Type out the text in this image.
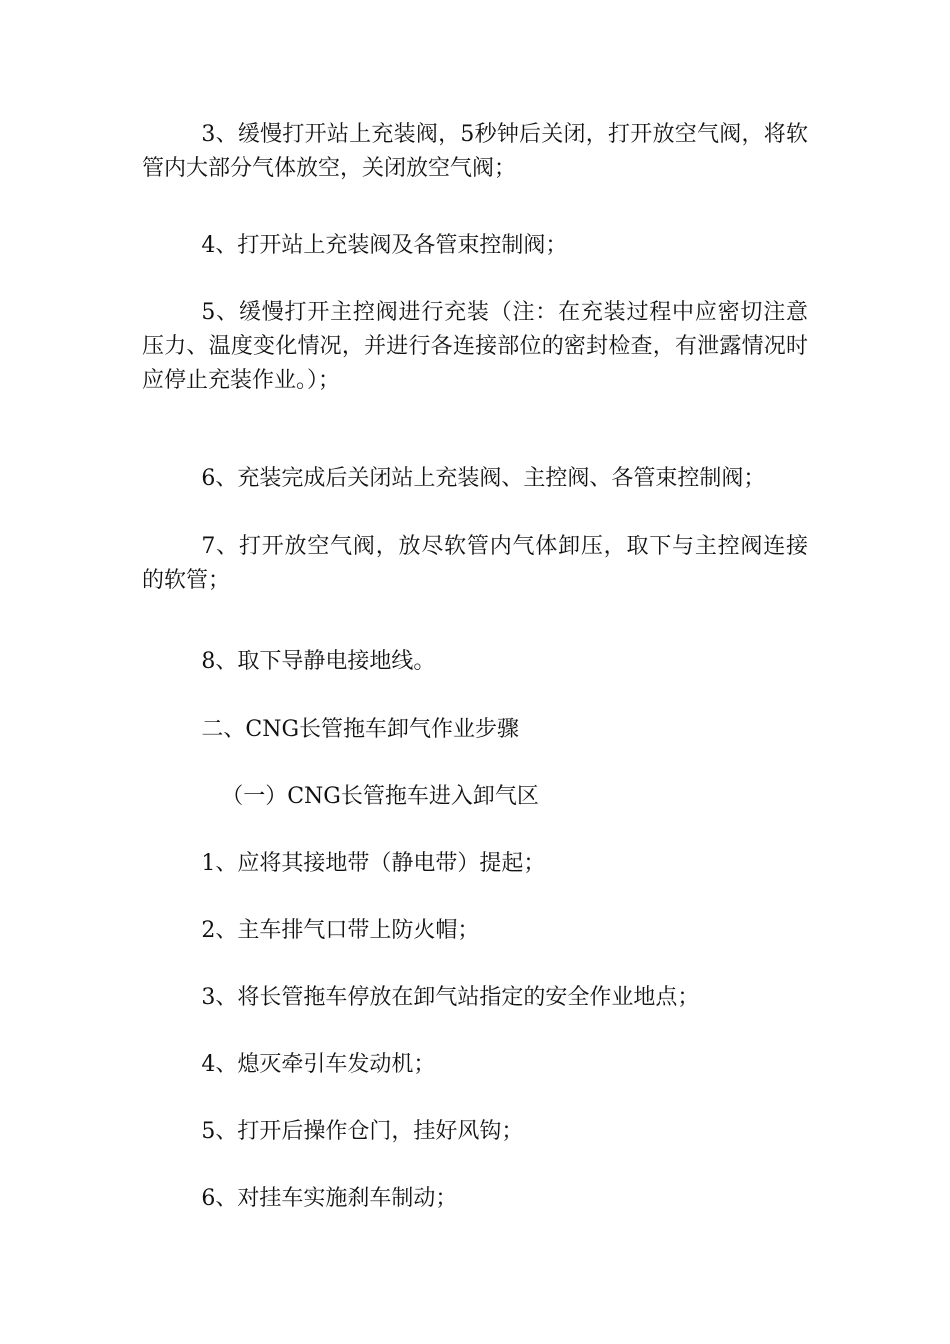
3、缓慢打开站上充装阀，5秒钟后关闭，打开放空气阀，将软管内大部分气体放空，关闭放空气阀；

4、打开站上充装阀及各管束控制阀；

5、缓慢打开主控阀进行充装（注：在充装过程中应密切注意压力、温度变化情况，并进行各连接部位的密封检查，有泄露情况时应停止充装作业。）；

6、充装完成后关闭站上充装阀、主控阀、各管束控制阀；

7、打开放空气阀，放尽软管内气体卸压，取下与主控阀连接的软管；

8、取下导静电接地线。

二、CNG长管拖车卸气作业步骤

（一）CNG长管拖车进入卸气区

1、应将其接地带（静电带）提起；

2、主车排气口带上防火帽；

3、将长管拖车停放在卸气站指定的安全作业地点；

4、熄灭牵引车发动机；

5、打开后操作仓门，挂好风钩；

6、对挂车实施刹车制动；
